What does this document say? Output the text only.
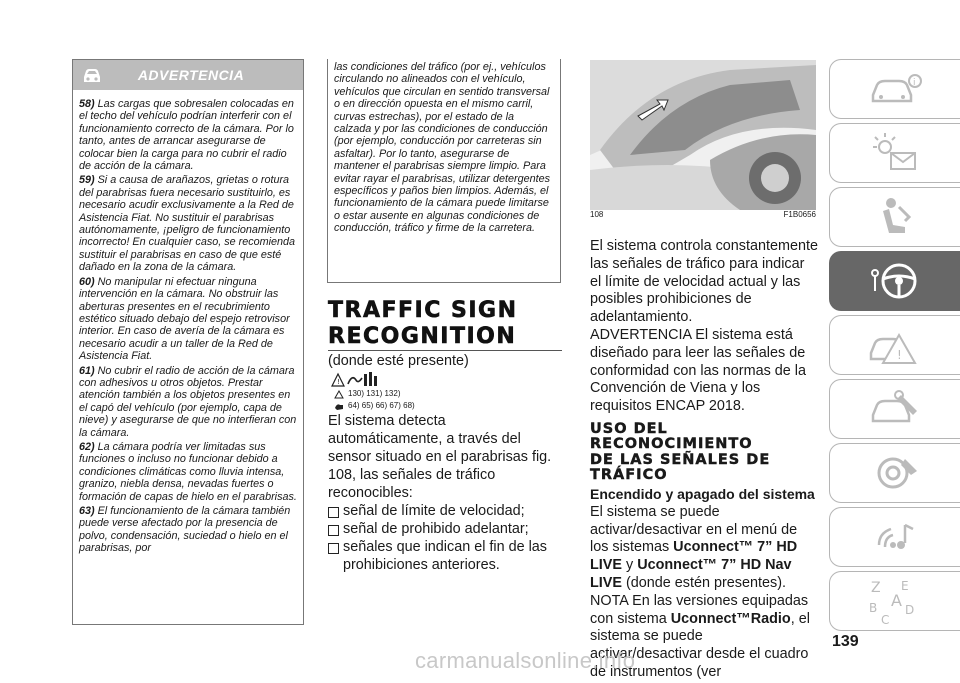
ADVERTENCIA

58) Las cargas que sobresalen colocadas en el techo del vehículo podrían interferir con el funcionamiento correcto de la cámara. Por lo tanto, antes de arrancar asegurarse de colocar bien la carga para no cubrir el radio de acción de la cámara.

59) Si a causa de arañazos, grietas o rotura del parabrisas fuera necesario sustituirlo, es necesario acudir exclusivamente a la Red de Asistencia Fiat. No sustituir el parabrisas autónomamente, ¡peligro de funcionamiento incorrecto! En cualquier caso, se recomienda sustituir el parabrisas en caso de que esté dañado en la zona de la cámara.

60) No manipular ni efectuar ninguna intervención en la cámara. No obstruir las aberturas presentes en el recubrimiento estético situado debajo del espejo retrovisor interior. En caso de avería de la cámara es necesario acudir a un taller de la Red de Asistencia Fiat.

61) No cubrir el radio de acción de la cámara con adhesivos u otros objetos. Prestar atención también a los objetos presentes en el capó del vehículo (por ejemplo, capa de nieve) y asegurarse de que no interfieran con la cámara.

62) La cámara podría ver limitadas sus funciones o incluso no funcionar debido a condiciones climáticas como lluvia intensa, granizo, niebla densa, nevadas fuertes o formación de capas de hielo en el parabrisas.

63) El funcionamiento de la cámara también puede verse afectado por la presencia de polvo, condensación, suciedad o hielo en el parabrisas, por

las condiciones del tráfico (por ej., vehículos circulando no alineados con el vehículo, vehículos que circulan en sentido transversal o en dirección opuesta en el mismo carril, curvas estrechas), por el estado de la calzada y por las condiciones de conducción (por ejemplo, conducción por carreteras sin asfaltar). Por lo tanto, asegurarse de mantener el parabrisas siempre limpio. Para evitar rayar el parabrisas, utilizar detergentes específicos y paños bien limpios. Además, el funcionamiento de la cámara puede limitarse o estar ausente en algunas condiciones de conducción, tráfico y firme de la carretera.
TRAFFIC SIGN
RECOGNITION

(donde esté presente)

!
130) 131) 132)
64) 65) 66) 67) 68)

El sistema detecta automáticamente, a través del sensor situado en el parabrisas fig. 108, las señales de tráfico reconocibles:

señal de límite de velocidad;
señal de prohibido adelantar;
señales que indican el fin de las prohibiciones anteriores.
108	F1B0656

El sistema controla constantemente las señales de tráfico para indicar el límite de velocidad actual y las posibles prohibiciones de adelantamiento.

ADVERTENCIA El sistema está diseñado para leer las señales de conformidad con las normas de la Convención de Viena y los requisitos ENCAP 2018.

USO DEL
RECONOCIMIENTO
DE LAS SEÑALES DE
TRÁFICO

Encendido y apagado del sistema

El sistema se puede activar/desactivar en el menú de los sistemas Uconnect™ 7” HD LIVE y Uconnect™ 7” HD Nav LIVE (donde estén presentes).

NOTA En las versiones equipadas con sistema Uconnect™Radio, el sistema se puede activar/desactivar desde el cuadro de instrumentos (ver

139
i
!
Z E
A
B D
C
carmanualsonline.info
